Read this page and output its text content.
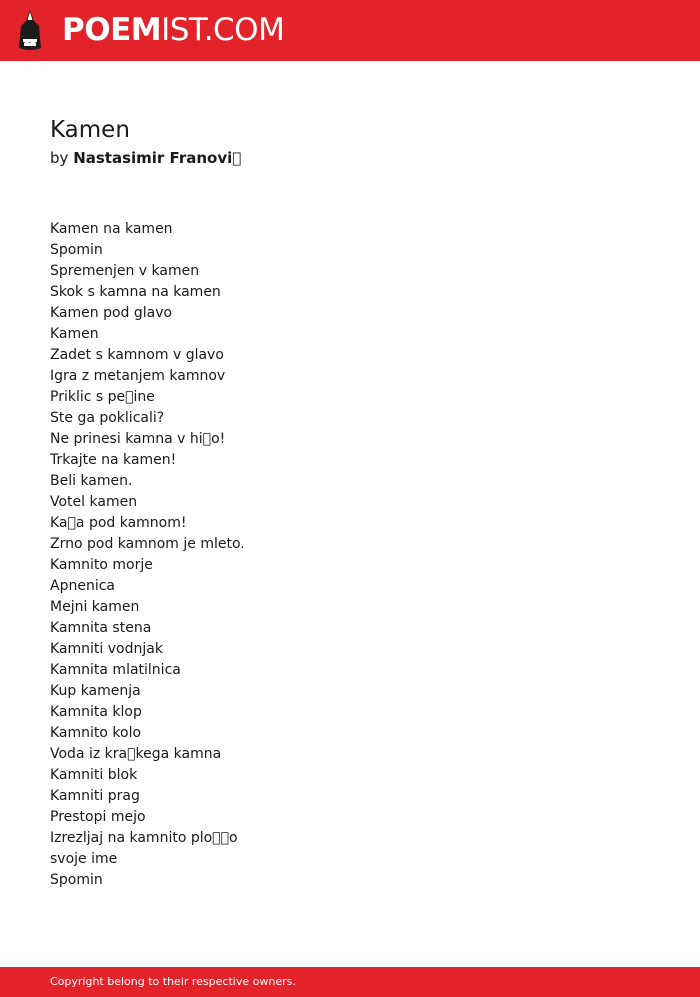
POEMIST.COM
Kamen
by Nastasimir Franovi 
Kamen na kamen
Spomin
Spremenjen v kamen
Skok s kamna na kamen
Kamen pod glavo
Kamen
Zadet s kamnom v glavo
Igra z metanjem kamnov
Priklic s pe ine
Ste ga poklicali?
Ne prinesi kamna v hi o!
Trkajte na kamen!
Beli kamen.
Votel kamen
Ka a pod kamnom!
Zrno pod kamnom je mleto.
Kamnito morje
Apnenica
Mejni kamen
Kamnita stena
Kamniti vodnjak
Kamnita mlatilnica
Kup kamenja
Kamnita klop
Kamnito kolo
Voda iz kra kega kamna
Kamniti blok
Kamniti prag
Prestopi mejo
Izrezljaj na kamnito plo  o
svoje ime
Spomin
Copyright belong to their respective owners.
